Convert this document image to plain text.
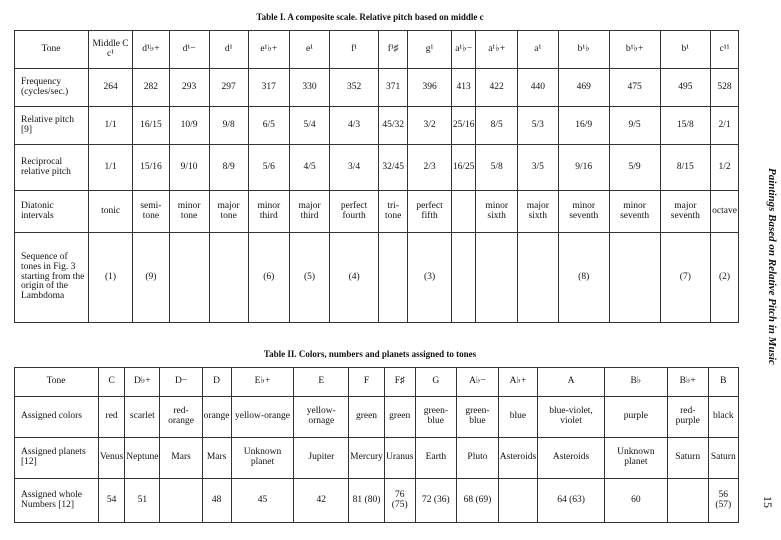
Table I. A composite scale. Relative pitch based on middle c
Tone	Middle C c¹	d¹♭+	d¹−	d¹	e¹♭+	e¹	f¹	f¹♯	g¹	a¹♭−	a¹♭+	a¹	b¹♭	b¹♭+	b¹	c¹¹
Frequency (cycles/sec.)	264	282	293	297	317	330	352	371	396	413	422	440	469	475	495	528
Relative pitch [9]	1/1	16/15	10/9	9/8	6/5	5/4	4/3	45/32	3/2	25/16	8/5	5/3	16/9	9/5	15/8	2/1
Reciprocal relative pitch	1/1	15/16	9/10	8/9	5/6	4/5	3/4	32/45	2/3	16/25	5/8	3/5	9/16	5/9	8/15	1/2
Diatonic intervals	tonic	semi-tone	minor tone	major tone	minor third	major third	perfect fourth	tri-tone	perfect fifth		minor sixth	major sixth	minor seventh	minor seventh	major seventh	octave
Sequence of tones in Fig. 3 starting from the origin of the Lambdoma	(1)	(9)			(6)	(5)	(4)		(3)				(8)		(7)	(2)
Table II. Colors, numbers and planets assigned to tones
Tone	C	D♭+	D−	D	E♭+	E	F	F♯	G	A♭−	A♭+	A	B♭	B♭+	B
Assigned colors	red	scarlet	red-orange	orange	yellow-orange	yellow-ornage	green	green	green-blue	green-blue	blue	blue-violet, violet	purple	red-purple	black
Assigned planets [12]	Venus	Neptune	Mars	Mars	Unknown planet	Jupiter	Mercury	Uranus	Earth	Pluto	Asteroids	Asteroids	Unknown planet	Saturn	Saturn
Assigned whole Numbers [12]	54	51		48	45	42	81 (80)	76 (75)	72 (36)	68 (69)		64 (63)	60		56 (57)
Paintings Based on Relative Pitch in Music
15
